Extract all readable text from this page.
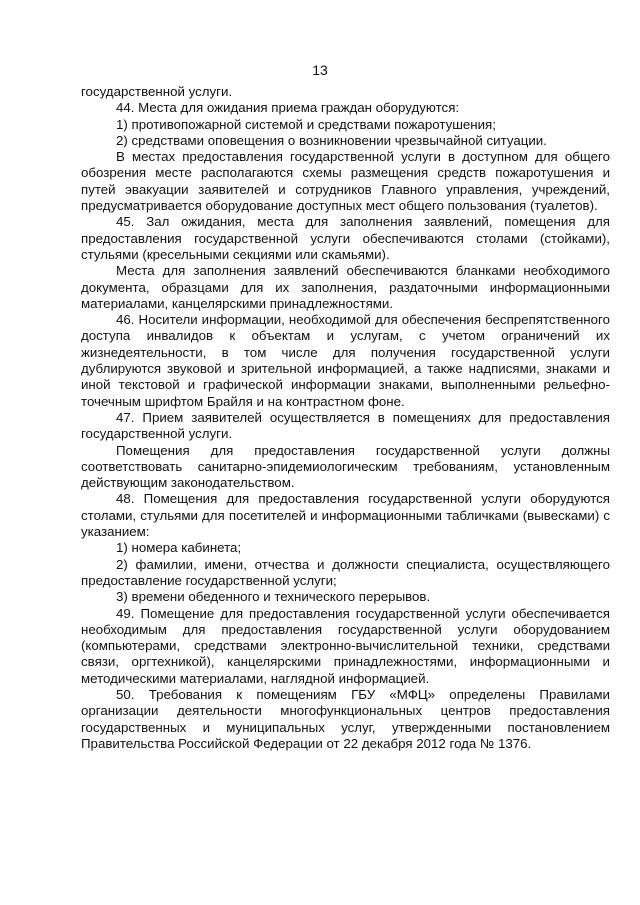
13

государственной услуги.

44. Места для ожидания приема граждан оборудуются:

1) противопожарной системой и средствами пожаротушения;

2) средствами оповещения о возникновении чрезвычайной ситуации.

В местах предоставления государственной услуги в доступном для общего обозрения месте располагаются схемы размещения средств пожаротушения и путей эвакуации заявителей и сотрудников Главного управления, учреждений, предусматривается оборудование доступных мест общего пользования (туалетов).

45. Зал ожидания, места для заполнения заявлений, помещения для предоставления государственной услуги обеспечиваются столами (стойками), стульями (кресельными секциями или скамьями).

Места для заполнения заявлений обеспечиваются бланками необходимого документа, образцами для их заполнения, раздаточными информационными материалами, канцелярскими принадлежностями.

46. Носители информации, необходимой для обеспечения беспрепятственного доступа инвалидов к объектам и услугам, с учетом ограничений их жизнедеятельности, в том числе для получения государственной услуги дублируются звуковой и зрительной информацией, а также надписями, знаками и иной текстовой и графической информации знаками, выполненными рельефно-точечным шрифтом Брайля и на контрастном фоне.

47. Прием заявителей осуществляется в помещениях для предоставления государственной услуги.

Помещения для предоставления государственной услуги должны соответствовать санитарно-эпидемиологическим требованиям, установленным действующим законодательством.

48. Помещения для предоставления государственной услуги оборудуются столами, стульями для посетителей и информационными табличками (вывесками) с указанием:

1) номера кабинета;

2) фамилии, имени, отчества и должности специалиста, осуществляющего предоставление государственной услуги;

3) времени обеденного и технического перерывов.

49. Помещение для предоставления государственной услуги обеспечивается необходимым для предоставления государственной услуги оборудованием (компьютерами, средствами электронно-вычислительной техники, средствами связи, оргтехникой), канцелярскими принадлежностями, информационными и методическими материалами, наглядной информацией.

50. Требования к помещениям ГБУ «МФЦ» определены Правилами организации деятельности многофункциональных центров предоставления государственных и муниципальных услуг, утвержденными постановлением Правительства Российской Федерации от 22 декабря 2012 года № 1376.
